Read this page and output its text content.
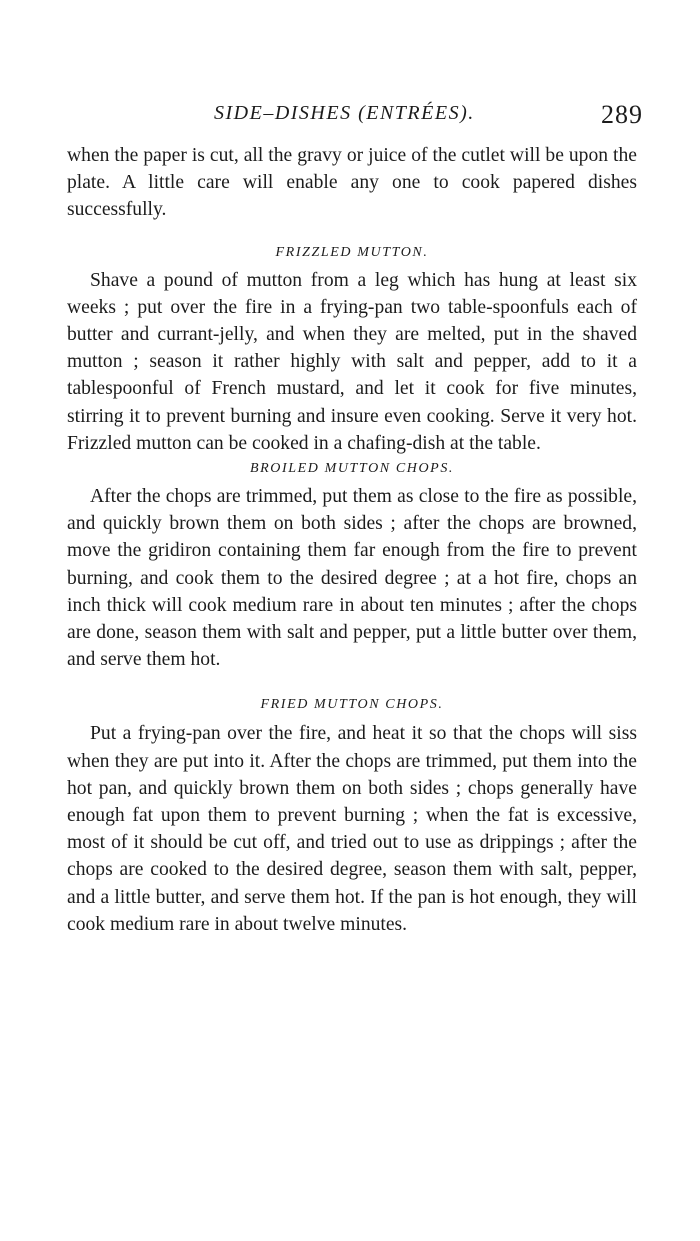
SIDE–DISHES (ENTRÉES).	289

when the paper is cut, all the gravy or juice of the cutlet will be upon the plate. A little care will enable any one to cook papered dishes successfully.

FRIZZLED MUTTON.

Shave a pound of mutton from a leg which has hung at least six weeks ; put over the fire in a frying-pan two table-spoonfuls each of butter and currant-jelly, and when they are melted, put in the shaved mutton ; season it rather highly with salt and pepper, add to it a tablespoonful of French mustard, and let it cook for five minutes, stirring it to prevent burning and insure even cooking. Serve it very hot. Frizzled mutton can be cooked in a chafing-dish at the table.

BROILED MUTTON CHOPS.

After the chops are trimmed, put them as close to the fire as possible, and quickly brown them on both sides ; after the chops are browned, move the gridiron containing them far enough from the fire to prevent burning, and cook them to the desired degree ; at a hot fire, chops an inch thick will cook medium rare in about ten minutes ; after the chops are done, season them with salt and pepper, put a little butter over them, and serve them hot.

FRIED MUTTON CHOPS.

Put a frying-pan over the fire, and heat it so that the chops will siss when they are put into it. After the chops are trimmed, put them into the hot pan, and quickly brown them on both sides ; chops generally have enough fat upon them to prevent burning ; when the fat is excessive, most of it should be cut off, and tried out to use as drippings ; after the chops are cooked to the desired degree, season them with salt, pepper, and a little butter, and serve them hot. If the pan is hot enough, they will cook medium rare in about twelve minutes.
